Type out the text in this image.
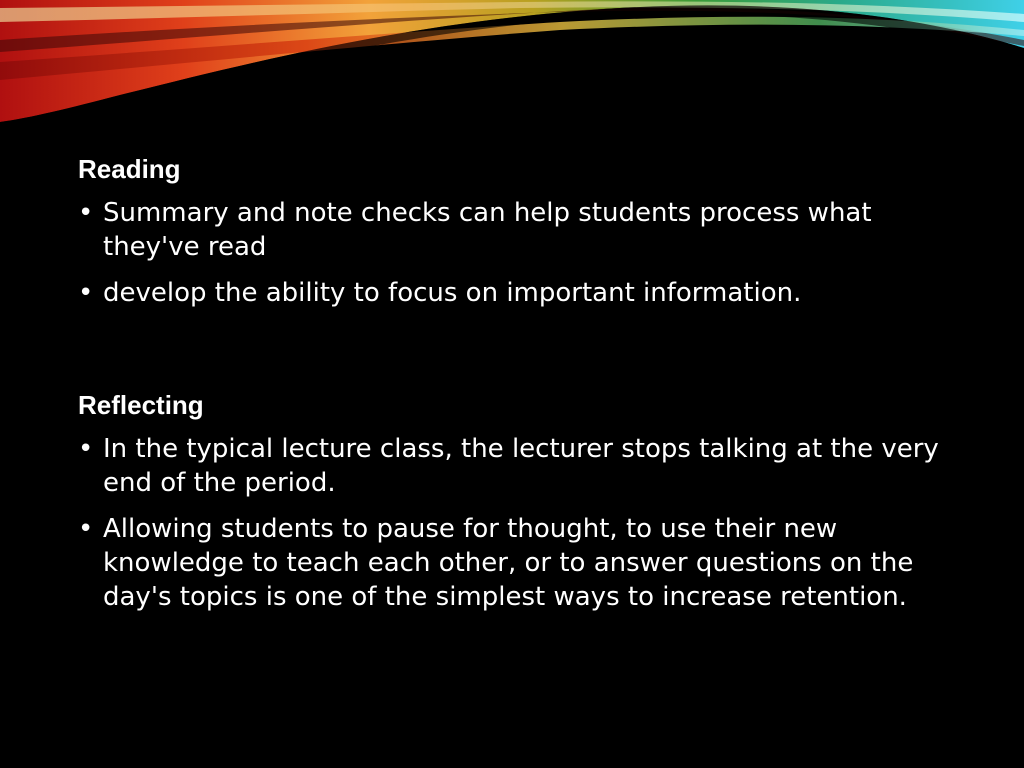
Reading
• Summary and note checks can help students process what they've read
• develop the ability to focus on important information.
Reflecting
• In the typical lecture class, the lecturer stops talking at the very end of the period.
• Allowing students to pause for thought, to use their new knowledge to teach each other, or to answer questions on the day's topics is one of the simplest ways to increase retention.
